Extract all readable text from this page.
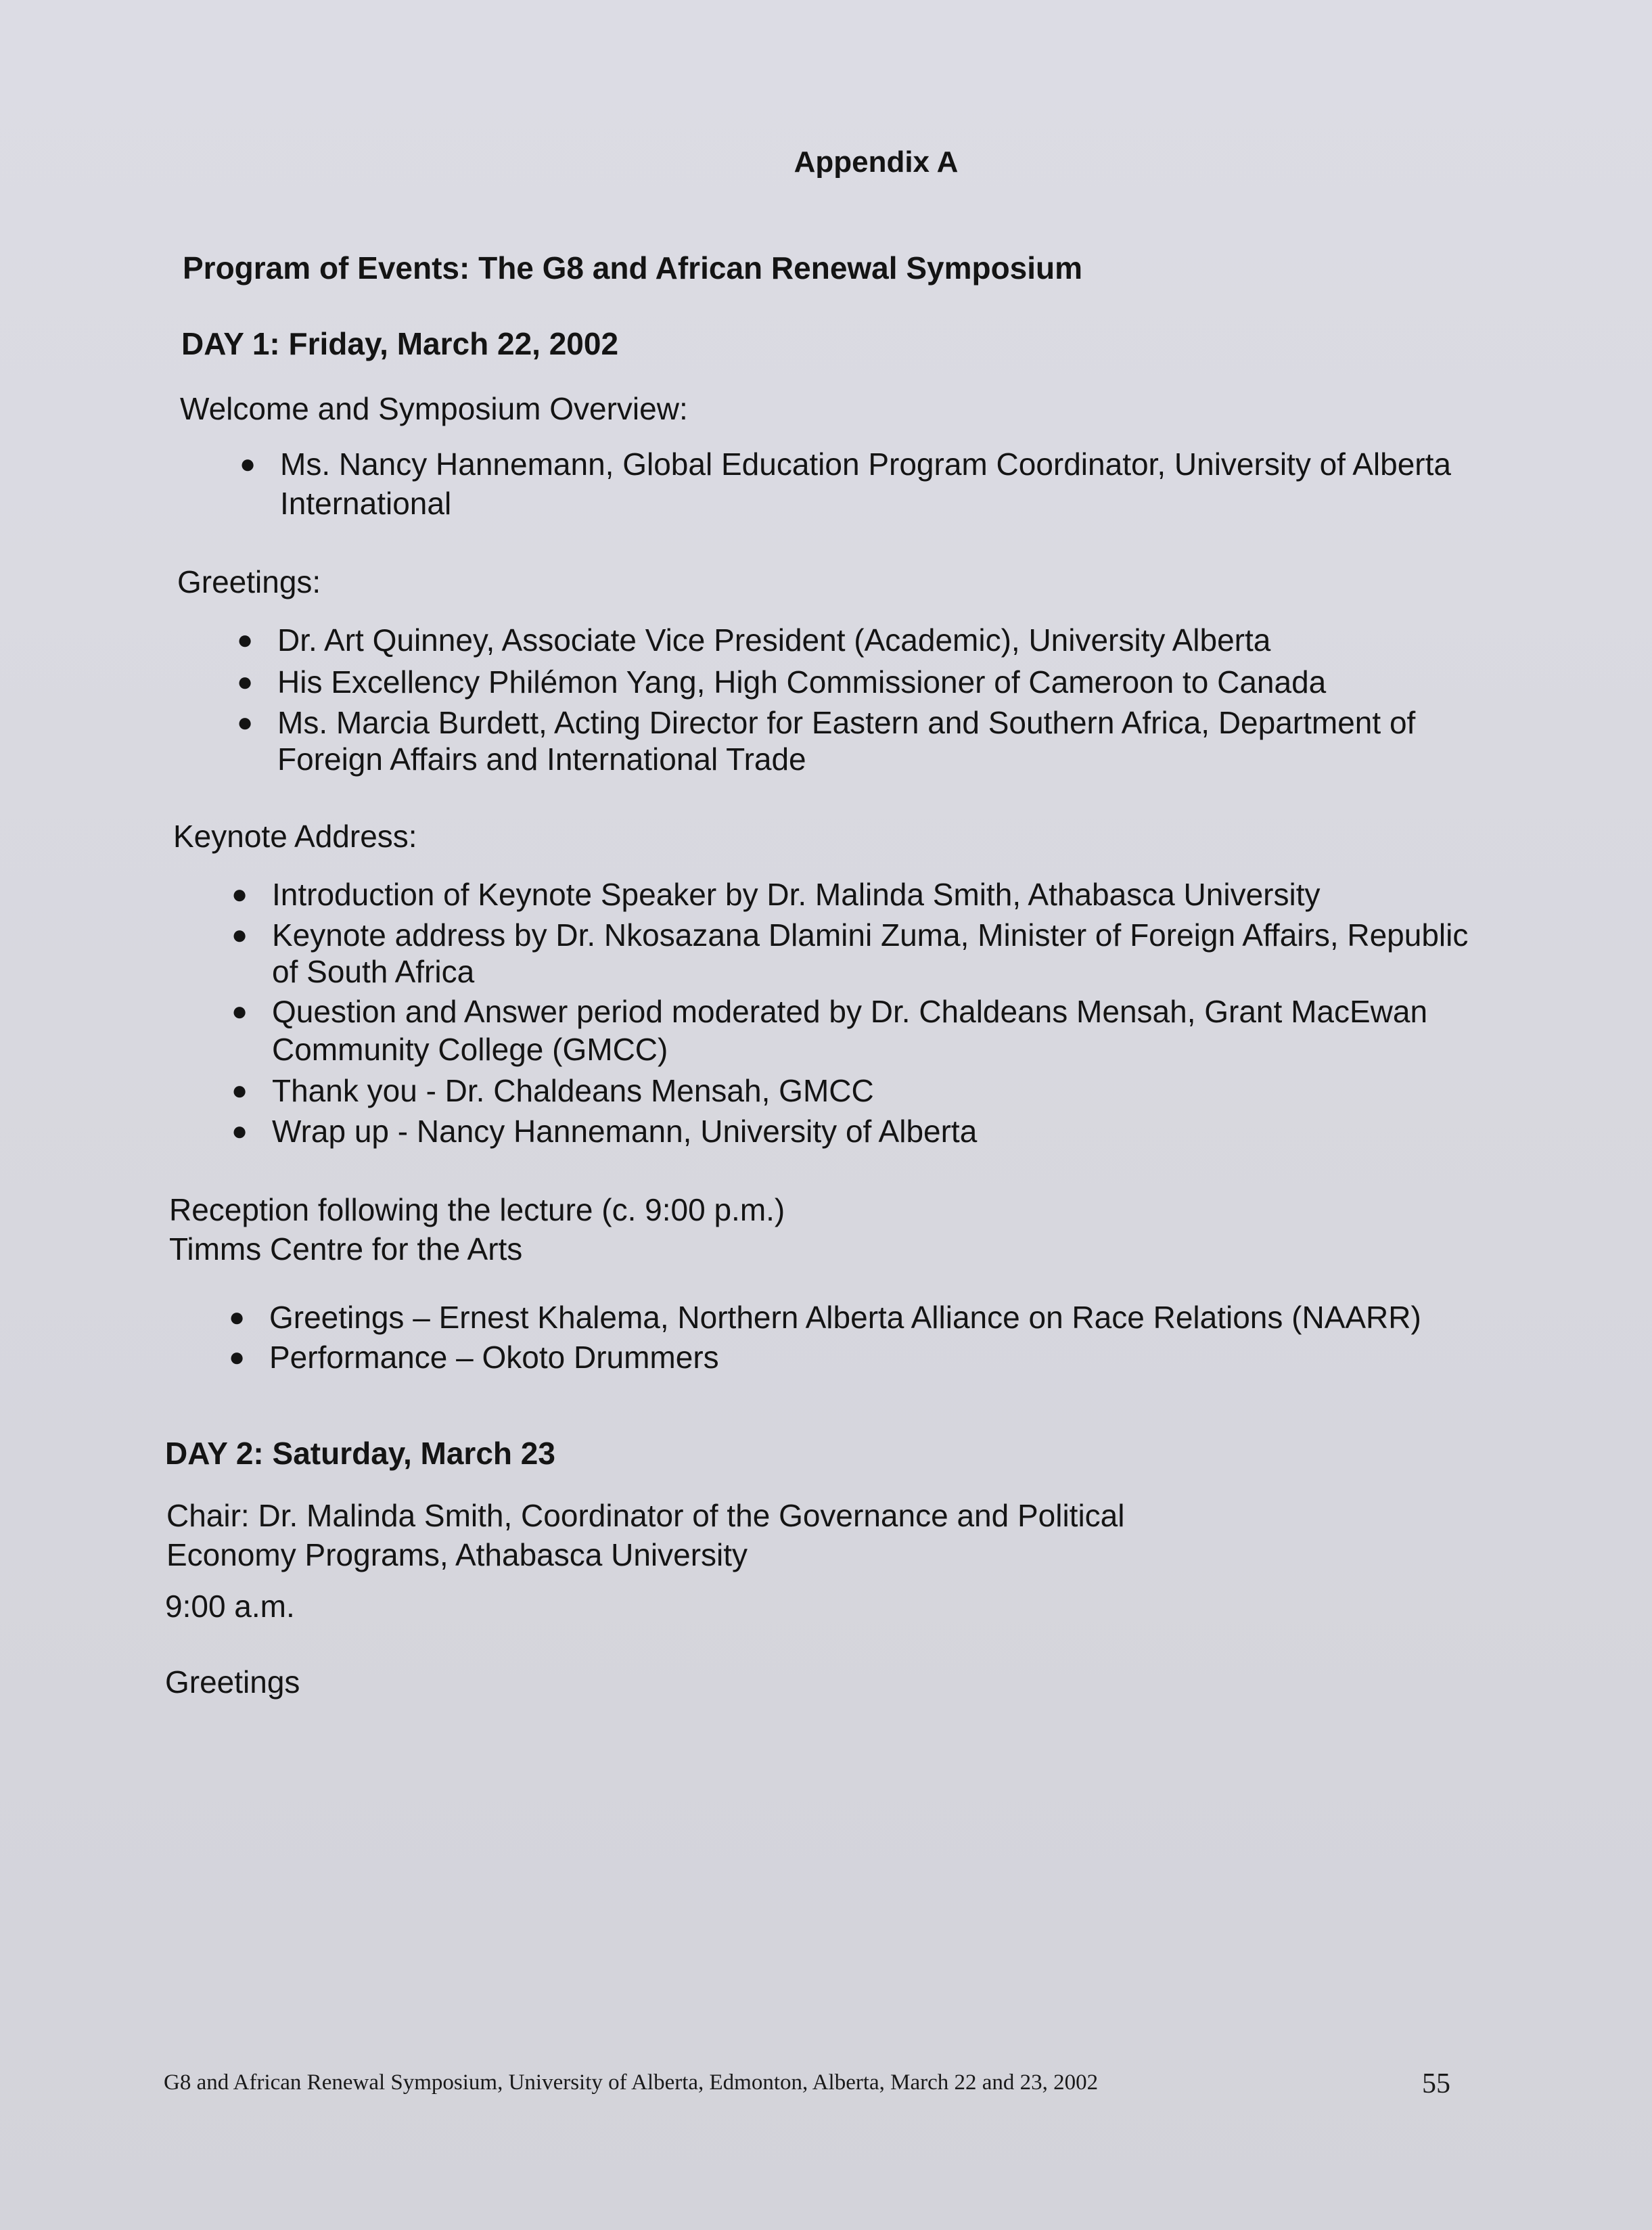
Appendix A
Program of Events: The G8 and African Renewal Symposium
DAY 1: Friday, March 22, 2002
Welcome and Symposium Overview:
● Ms. Nancy Hannemann, Global Education Program Coordinator, University of Alberta International
Greetings:
● Dr. Art Quinney, Associate Vice President (Academic), University Alberta
● His Excellency Philémon Yang, High Commissioner of Cameroon to Canada
● Ms. Marcia Burdett, Acting Director for Eastern and Southern Africa, Department of Foreign Affairs and International Trade
Keynote Address:
● Introduction of Keynote Speaker by Dr. Malinda Smith, Athabasca University
● Keynote address by Dr. Nkosazana Dlamini Zuma, Minister of Foreign Affairs, Republic of South Africa
● Question and Answer period moderated by Dr. Chaldeans Mensah, Grant MacEwan Community College (GMCC)
● Thank you - Dr. Chaldeans Mensah, GMCC
● Wrap up - Nancy Hannemann, University of Alberta
Reception following the lecture (c. 9:00 p.m.)
Timms Centre for the Arts
● Greetings – Ernest Khalema, Northern Alberta Alliance on Race Relations (NAARR)
● Performance – Okoto Drummers
DAY 2: Saturday, March 23
Chair: Dr. Malinda Smith, Coordinator of the Governance and Political
Economy Programs, Athabasca University
9:00 a.m.
Greetings
G8 and African Renewal Symposium, University of Alberta, Edmonton, Alberta, March 22 and 23, 2002	55
